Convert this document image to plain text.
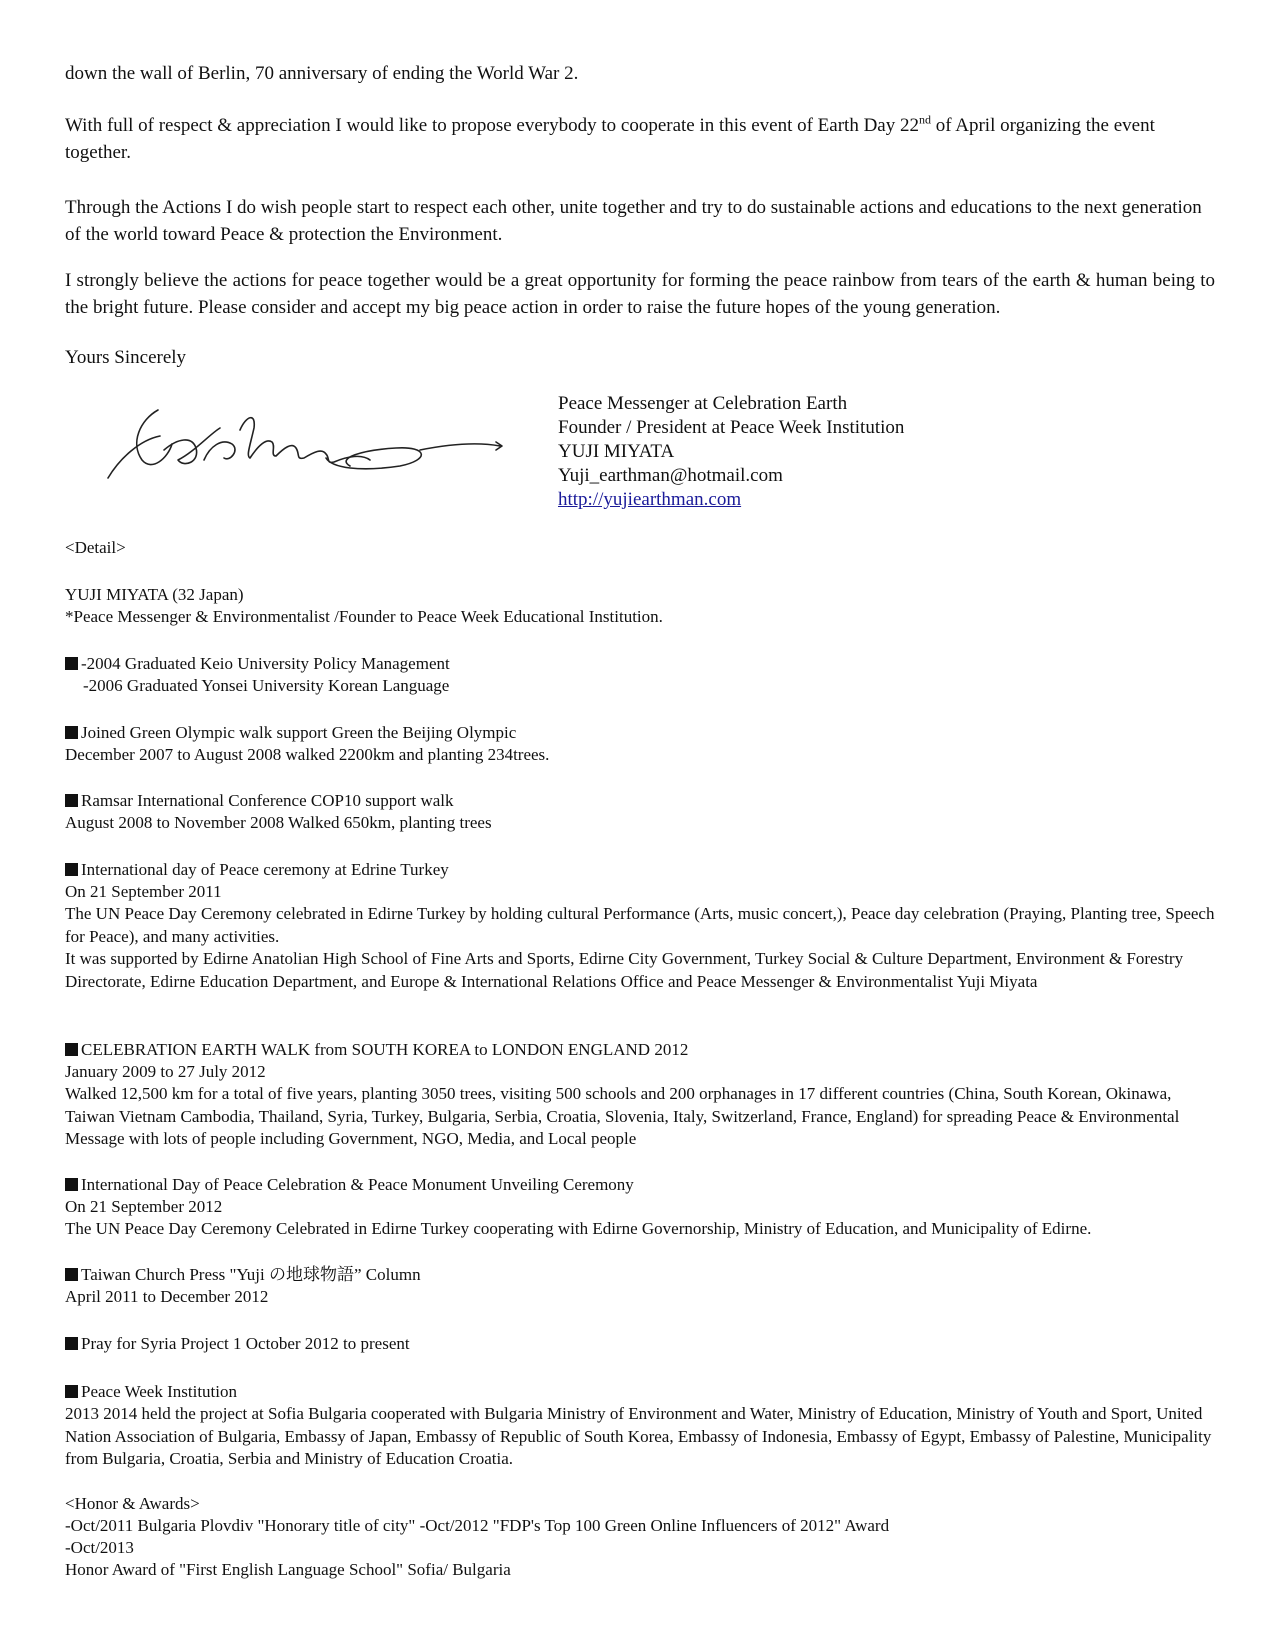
down the wall of Berlin, 70 anniversary of ending the World War 2.

With full of respect & appreciation I would like to propose everybody to cooperate in this event of Earth Day 22nd of April organizing the event together.

Through the Actions I do wish people start to respect each other, unite together and try to do sustainable actions and educations to the next generation of the world toward Peace & protection the Environment.

I strongly believe the actions for peace together would be a great opportunity for forming the peace rainbow from tears of the earth & human being to the bright future. Please consider and accept my big peace action in order to raise the future hopes of the young generation.

Yours Sincerely

Peace Messenger at Celebration Earth
Founder / President at Peace Week Institution
YUJI MIYATA
Yuji_earthman@hotmail.com
http://yujiearthman.com

<Detail>

YUJI MIYATA (32 Japan)

*Peace Messenger & Environmentalist /Founder to Peace Week Educational Institution.

-2004 Graduated Keio University Policy Management

-2006 Graduated Yonsei University Korean Language

Joined Green Olympic walk support Green the Beijing Olympic

December 2007 to August 2008 walked 2200km and planting 234trees.

Ramsar International Conference COP10 support walk

August 2008 to November 2008 Walked 650km, planting trees

International day of Peace ceremony at Edrine Turkey

On 21 September 2011

The UN Peace Day Ceremony celebrated in Edirne Turkey by holding cultural Performance (Arts, music concert,), Peace day celebration (Praying, Planting tree, Speech for Peace), and many activities.

It was supported by Edirne Anatolian High School of Fine Arts and Sports, Edirne City Government, Turkey Social & Culture Department, Environment & Forestry Directorate, Edirne Education Department, and Europe & International Relations Office and Peace Messenger & Environmentalist Yuji Miyata

CELEBRATION EARTH WALK from SOUTH KOREA to LONDON ENGLAND 2012

January 2009 to 27 July 2012

Walked 12,500 km for a total of five years, planting 3050 trees, visiting 500 schools and 200 orphanages in 17 different countries (China, South Korean, Okinawa, Taiwan Vietnam Cambodia, Thailand, Syria, Turkey, Bulgaria, Serbia, Croatia, Slovenia, Italy, Switzerland, France, England) for spreading Peace & Environmental Message with lots of people including Government, NGO, Media, and Local people

International Day of Peace Celebration & Peace Monument Unveiling Ceremony

On 21 September 2012

The UN Peace Day Ceremony Celebrated in Edirne Turkey cooperating with Edirne Governorship, Ministry of Education, and Municipality of Edirne.

Taiwan Church Press "Yuji の地球物語” Column

April 2011 to December 2012

Pray for Syria Project 1 October 2012 to present

Peace Week Institution

2013 2014 held the project at Sofia Bulgaria cooperated with Bulgaria Ministry of Environment and Water, Ministry of Education, Ministry of Youth and Sport, United Nation Association of Bulgaria, Embassy of Japan, Embassy of Republic of South Korea, Embassy of Indonesia, Embassy of Egypt, Embassy of Palestine, Municipality from Bulgaria, Croatia, Serbia and Ministry of Education Croatia.

<Honor & Awards>

-Oct/2011 Bulgaria Plovdiv "Honorary title of city" -Oct/2012 "FDP's Top 100 Green Online Influencers of 2012" Award

-Oct/2013

Honor Award of "First English Language School" Sofia/ Bulgaria
